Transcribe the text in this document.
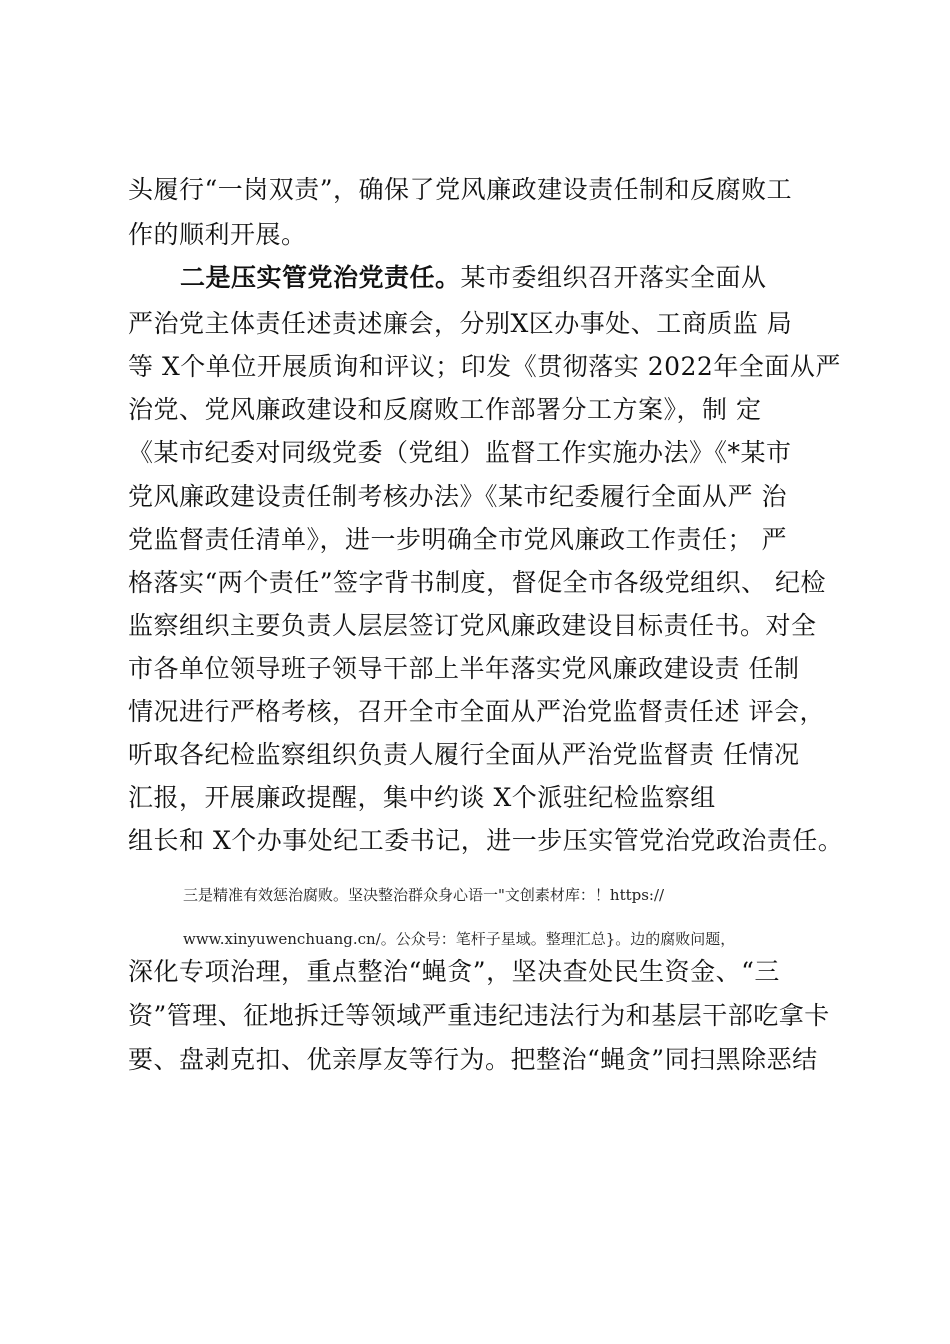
头履行“一岗双责”，确保了党风廉政建设责任制和反腐败工
作的顺利开展。
二是压实管党治党责任。某市委组织召开落实全面从
严治党主体责任述责述廉会，分别X区办事处、工商质监 局
等 X个单位开展质询和评议；印发《贯彻落实 2022年全面从严
治党、党风廉政建设和反腐败工作部署分工方案》，制 定
《某市纪委对同级党委（党组）监督工作实施办法》《*某市
党风廉政建设责任制考核办法》《某市纪委履行全面从严 治
党监督责任清单》，进一步明确全市党风廉政工作责任； 严
格落实“两个责任”签字背书制度，督促全市各级党组织、 纪检
监察组织主要负责人层层签订党风廉政建设目标责任书。对全
市各单位领导班子领导干部上半年落实党风廉政建设责 任制
情况进行严格考核，召开全市全面从严治党监督责任述 评会，
听取各纪检监察组织负责人履行全面从严治党监督责 任情况
汇报，开展廉政提醒，集中约谈 X个派驻纪检监察组
组长和 X个办事处纪工委书记，进一步压实管党治党政治责任。
三是精准有效惩治腐败。坚决整治群众身心语一"文创素材库：！https://
www.xinyuwenchuang.cn/。公众号：笔杆子星域。整理汇总}。边的腐败问题，
深化专项治理，重点整治“蝇贪”，坚决查处民生资金、“三
资”管理、征地拆迁等领域严重违纪违法行为和基层干部吃拿卡
要、盘剥克扣、优亲厚友等行为。把整治“蝇贪”同扫黑除恶结
